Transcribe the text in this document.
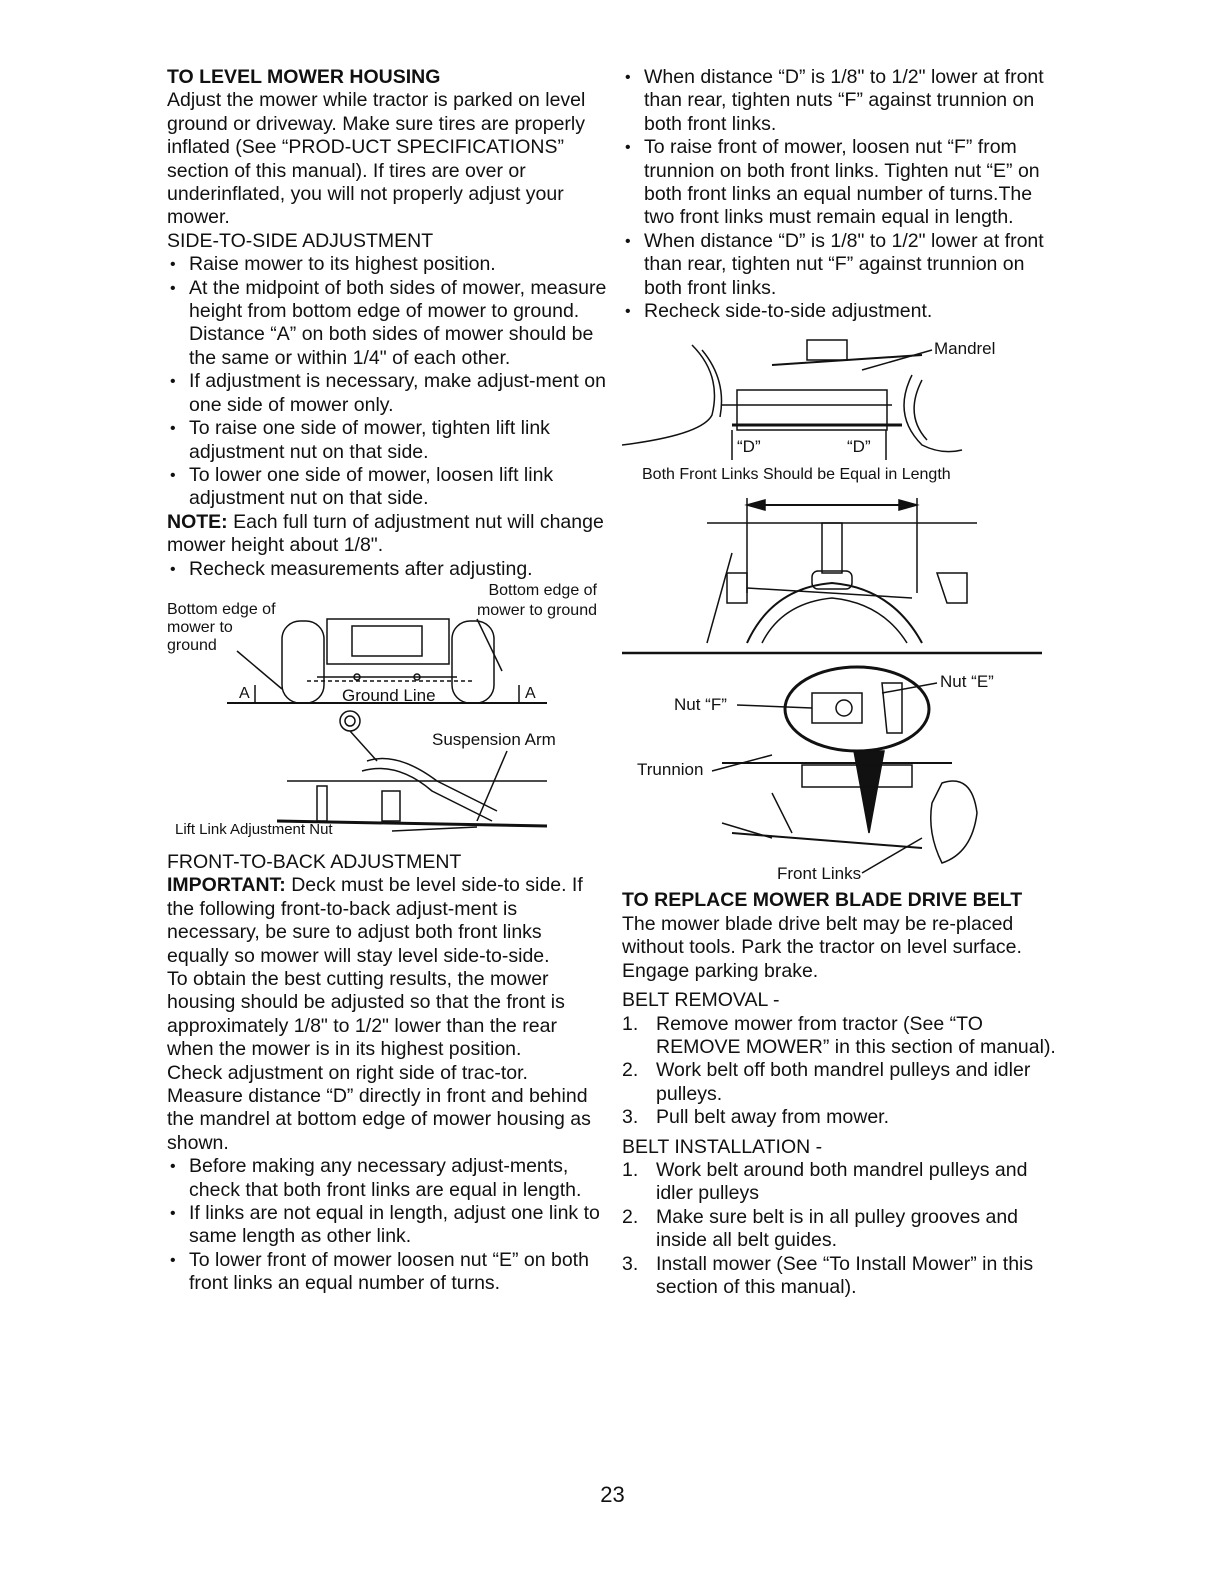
TO LEVEL MOWER HOUSING

Adjust the mower while tractor is parked on level ground or driveway. Make sure tires are properly inflated (See “PROD-UCT SPECIFICATIONS” section of this manual). If tires are over or underinflated, you will not properly adjust your mower.

SIDE-TO-SIDE ADJUSTMENT

• Raise mower to its highest position.
• At the midpoint of both sides of mower, measure height from bottom edge of mower to ground. Distance “A” on both sides of mower should be the same or within 1/4" of each other.
• If adjustment is necessary, make adjust-ment on one side of mower only.
• To raise one side of mower, tighten lift link adjustment nut on that side.
• To lower one side of mower, loosen lift link adjustment nut on that side.

NOTE: Each full turn of adjustment nut will change mower height about 1/8".

• Recheck measurements after adjusting.
Bottom edge of mower to ground
Bottom edge of mower to ground
A	A
Ground Line
Suspension Arm
Lift Link Adjustment Nut

FRONT-TO-BACK ADJUSTMENT

IMPORTANT: Deck must be level side-to side. If the following front-to-back adjust-ment is necessary, be sure to adjust both front links equally so mower will stay level side-to-side.

To obtain the best cutting results, the mower housing should be adjusted so that the front is approximately 1/8" to 1/2" lower than the rear when the mower is in its highest position.

Check adjustment on right side of trac-tor. Measure distance “D” directly in front and behind the mandrel at bottom edge of mower housing as shown.

• Before making any necessary adjust-ments, check that both front links are equal in length.
• If links are not equal in length, adjust one link to same length as other link.
• To lower front of mower loosen nut “E” on both front links an equal number of turns.
• When distance “D” is 1/8" to 1/2" lower at front than rear, tighten nuts “F” against trunnion on both front links.
• To raise front of mower, loosen nut “F” from trunnion on both front links. Tighten nut “E” on both front links an equal number of turns.The two front links must remain equal in length.
• When distance “D” is 1/8" to 1/2" lower at front than rear, tighten nut “F” against trunnion on both front links.
• Recheck side-to-side adjustment.
Mandrel
“D”	“D”
Both Front Links Should be Equal in Length
Nut “F”
Nut “E”
Trunnion
Front Links
TO REPLACE MOWER BLADE DRIVE BELT

The mower blade drive belt may be re-placed without tools. Park the tractor on level surface. Engage parking brake.

BELT REMOVAL -

1. Remove mower from tractor (See “TO REMOVE MOWER” in this section of manual).
2. Work belt off both mandrel pulleys and idler pulleys.
3. Pull belt away from mower.

BELT INSTALLATION -

1. Work belt around both mandrel pulleys and idler pulleys
2. Make sure belt is in all pulley grooves and inside all belt guides.
3. Install mower (See “To Install Mower” in this section of this manual).
23
